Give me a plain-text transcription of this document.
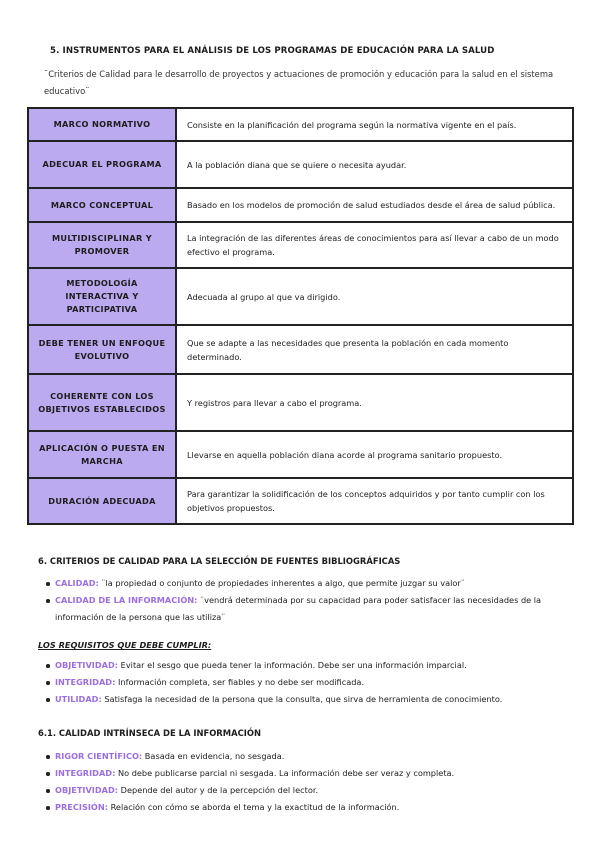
5. INSTRUMENTOS PARA EL ANÁLISIS DE LOS PROGRAMAS DE EDUCACIÓN PARA LA SALUD
¨Criterios de Calidad para le desarrollo de proyectos y actuaciones de promoción y educación para la salud en el sistema educativo¨
MARCO NORMATIVO	Consiste en la planificación del programa según la normativa vigente en el país.
ADECUAR EL PROGRAMA	A la población diana que se quiere o necesita ayudar.
MARCO CONCEPTUAL	Basado en los modelos de promoción de salud estudiados desde el área de salud pública.
MULTIDISCIPLINAR Y PROMOVER	La integración de las diferentes áreas de conocimientos para así llevar a cabo de un modo efectivo el programa.
METODOLOGÍA INTERACTIVA Y PARTICIPATIVA	Adecuada al grupo al que va dirigido.
DEBE TENER UN ENFOQUE EVOLUTIVO	Que se adapte a las necesidades que presenta la población en cada momento determinado.
COHERENTE CON LOS OBJETIVOS ESTABLECIDOS	Y registros para llevar a cabo el programa.
APLICACIÓN O PUESTA EN MARCHA	Llevarse en aquella población diana acorde al programa sanitario propuesto.
DURACIÓN ADECUADA	Para garantizar la solidificación de los conceptos adquiridos y por tanto cumplir con los objetivos propuestos.
6. CRITERIOS DE CALIDAD PARA LA SELECCIÓN DE FUENTES BIBLIOGRÁFICAS
CALIDAD: ¨la propiedad o conjunto de propiedades inherentes a algo, que permite juzgar su valor¨
CALIDAD DE LA INFORMACIÓN: ¨vendrá determinada por su capacidad para poder satisfacer las necesidades de la información de la persona que las utiliza¨
LOS REQUISITOS QUE DEBE CUMPLIR:
OBJETIVIDAD: Evitar el sesgo que pueda tener la información. Debe ser una información imparcial.
INTEGRIDAD: Información completa, ser fiables y no debe ser modificada.
UTILIDAD: Satisfaga la necesidad de la persona que la consulta, que sirva de herramienta de conocimiento.
6.1. CALIDAD INTRÍNSECA DE LA INFORMACIÓN
RIGOR CIENTÍFICO: Basada en evidencia, no sesgada.
INTEGRIDAD: No debe publicarse parcial ni sesgada. La información debe ser veraz y completa.
OBJETIVIDAD: Depende del autor y de la percepción del lector.
PRECISIÓN: Relación con cómo se aborda el tema y la exactitud de la información.
